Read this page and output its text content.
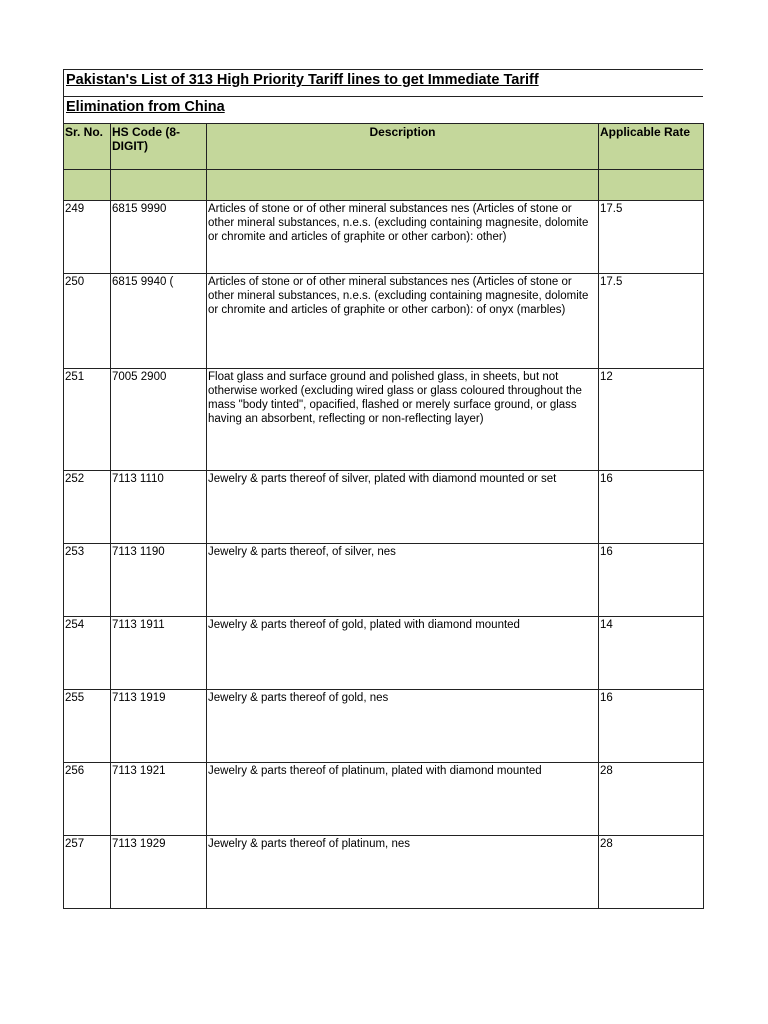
Pakistan's List of 313 High Priority Tariff lines to get Immediate Tariff
Elimination from China
Sr. No.	HS Code (8-DIGIT)	Description	Applicable Rate

249	6815 9990	Articles of stone or of other mineral substances nes (Articles of stone or other mineral substances, n.e.s. (excluding containing magnesite, dolomite or chromite and articles of graphite or other carbon): other)	17.5
250	6815 9940 (	Articles of stone or of other mineral substances nes (Articles of stone or other mineral substances, n.e.s. (excluding containing magnesite, dolomite or chromite and articles of graphite or other carbon): of onyx (marbles)	17.5
251	7005 2900	Float glass and surface ground and polished glass, in sheets, but not otherwise worked (excluding wired glass or glass coloured throughout the mass "body tinted", opacified, flashed or merely surface ground, or glass having an absorbent, reflecting or non-reflecting layer)	12
252	7113 1110	Jewelry & parts thereof of silver, plated with diamond mounted or set	16
253	7113 1190	Jewelry & parts thereof, of silver, nes	16
254	7113 1911	Jewelry & parts thereof of gold, plated with diamond mounted	14
255	7113 1919	Jewelry & parts thereof of gold, nes	16
256	7113 1921	Jewelry & parts thereof of platinum, plated with diamond mounted	28
257	7113 1929	Jewelry & parts thereof of platinum, nes	28
